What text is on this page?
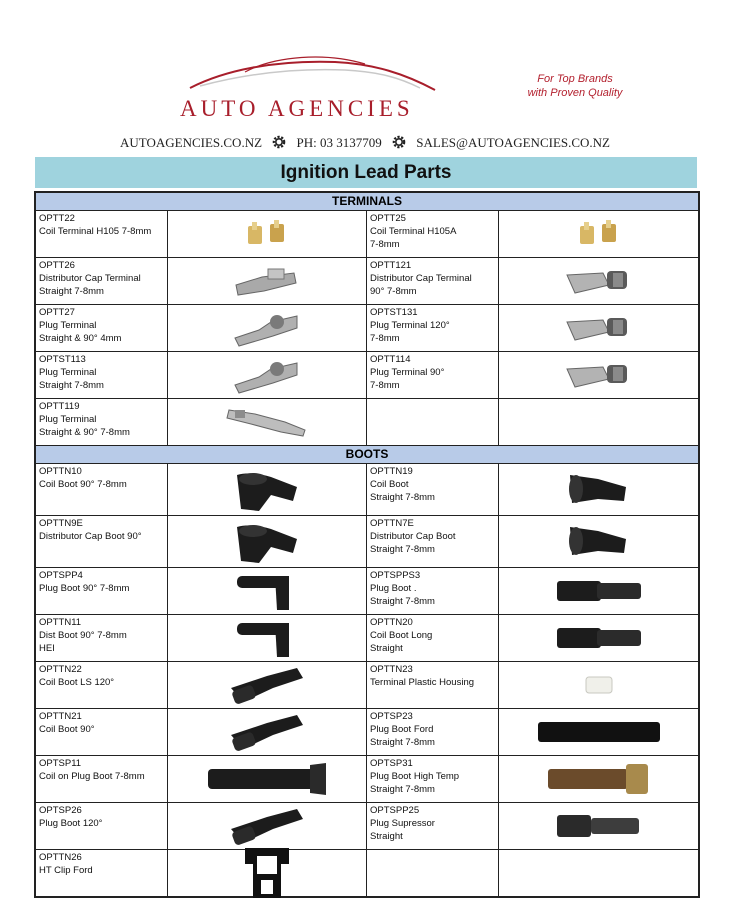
AUTO AGENCIES
For Top Brands
with Proven Quality
AUTOAGENCIES.CO.NZ	PH: 03 3137709	SALES@AUTOAGENCIES.CO.NZ
Ignition Lead Parts
TERMINALS
OPTT22
Coil Terminal H105 7-8mm
OPTT25
Coil Terminal H105A
7-8mm
OPTT26
Distributor Cap Terminal
Straight 7-8mm
OPTT121
Distributor Cap Terminal
90° 7-8mm
OPTT27
Plug Terminal
Straight & 90° 4mm
OPTST131
Plug Terminal 120°
7-8mm
OPTST113
Plug Terminal
Straight 7-8mm
OPTT114
Plug Terminal 90°
7-8mm
OPTT119
Plug Terminal
Straight & 90° 7-8mm
BOOTS
OPTTN10
Coil Boot 90° 7-8mm
OPTTN19
Coil Boot
Straight 7-8mm
OPTTN9E
Distributor Cap Boot 90°
OPTTN7E
Distributor Cap Boot
Straight 7-8mm
OPTSPP4
Plug Boot 90° 7-8mm
OPTSPPS3
Plug Boot .
Straight 7-8mm
OPTTN11
Dist Boot 90° 7-8mm
HEI
OPTTN20
Coil Boot Long
Straight
OPTTN22
Coil Boot LS 120°
OPTTN23
Terminal Plastic Housing
OPTTN21
Coil Boot 90°
OPTSP23
Plug Boot Ford
Straight 7-8mm
OPTSP11
Coil on Plug Boot 7-8mm
OPTSP31
Plug Boot High Temp
Straight 7-8mm
OPTSP26
Plug Boot 120°
OPTSPP25
Plug Supressor
Straight
OPTTN26
HT Clip Ford
